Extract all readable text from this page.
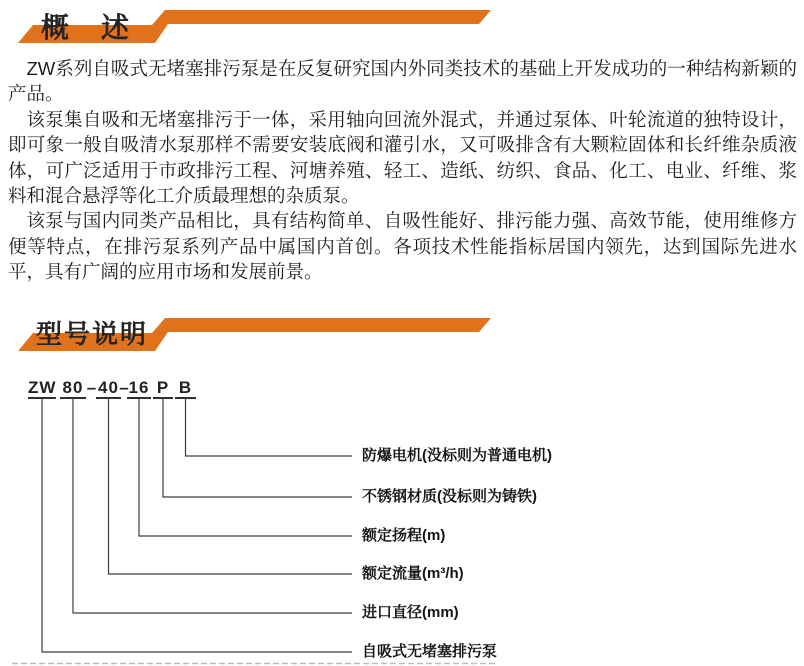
概　述

ZW系列自吸式无堵塞排污泵是在反复研究国内外同类技术的基础上开发成功的一种结构新颖的产品。

该泵集自吸和无堵塞排污于一体，采用轴向回流外混式，并通过泵体、叶轮流道的独特设计，即可象一般自吸清水泵那样不需要安装底阀和灌引水，又可吸排含有大颗粒固体和长纤维杂质液体，可广泛适用于市政排污工程、河塘养殖、轻工、造纸、纺织、食品、化工、电业、纤维、浆料和混合悬浮等化工介质最理想的杂质泵。

该泵与国内同类产品相比，具有结构简单、自吸性能好、排污能力强、高效节能，使用维修方便等特点，在排污泵系列产品中属国内首创。各项技术性能指标居国内领先，达到国际先进水平，具有广阔的应用市场和发展前景。

型号说明
ZW 80 – 40 – 16 P B
防爆电机(没标则为普通电机)
不锈钢材质(没标则为铸铁)
额定扬程(m)
额定流量(m³/h)
进口直径(mm)
自吸式无堵塞排污泵
